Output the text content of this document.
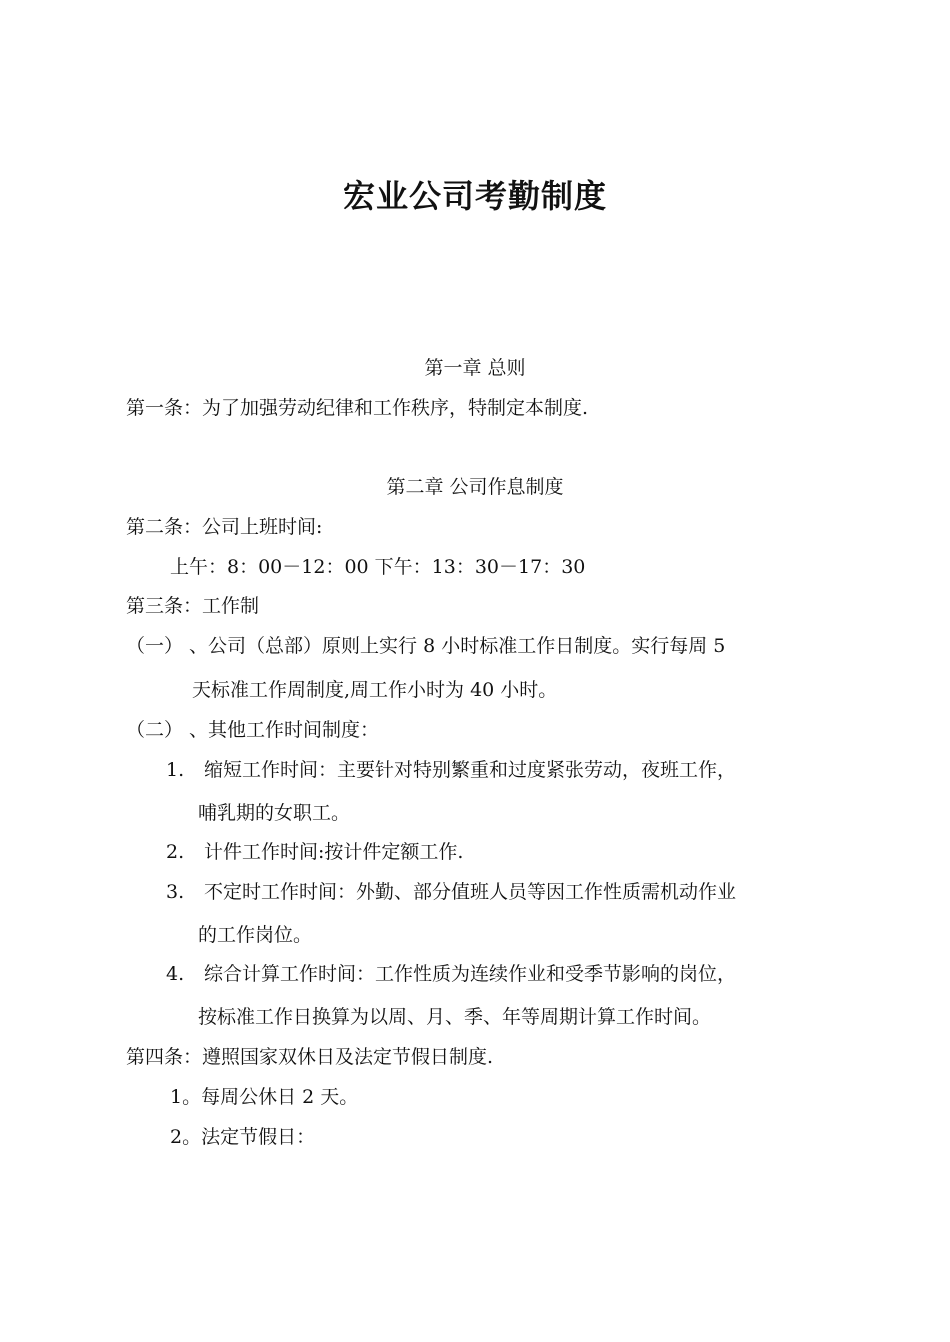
宏业公司考勤制度
第一章 总则
第一条：为了加强劳动纪律和工作秩序，特制定本制度.
第二章 公司作息制度
第二条：公司上班时间:
上午：8：00－12：00 下午：13：30－17：30
第三条：工作制
（一） 、公司（总部）原则上实行 8 小时标准工作日制度。实行每周 5
天标准工作周制度,周工作小时为 40 小时。
（二） 、其他工作时间制度：
1. 缩短工作时间：主要针对特别繁重和过度紧张劳动，夜班工作，
哺乳期的女职工。
2. 计件工作时间:按计件定额工作.
3. 不定时工作时间：外勤、部分值班人员等因工作性质需机动作业
的工作岗位。
4. 综合计算工作时间：工作性质为连续作业和受季节影响的岗位，
按标准工作日换算为以周、月、季、年等周期计算工作时间。
第四条：遵照国家双休日及法定节假日制度.
1。每周公休日 2 天。
2。法定节假日：
